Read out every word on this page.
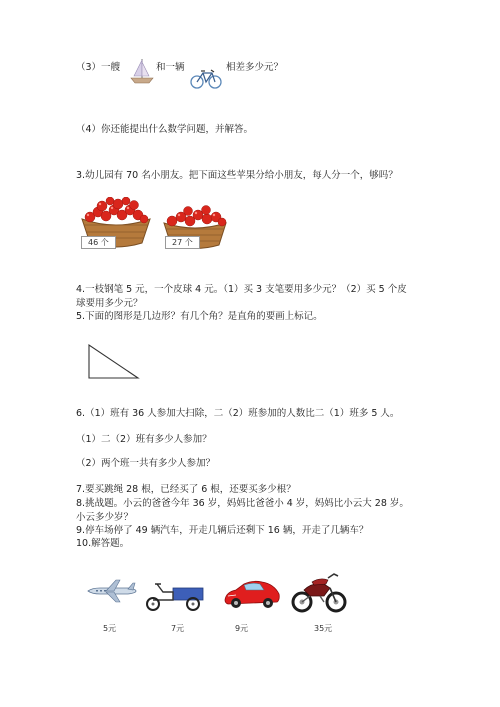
（3）一艘	和一辆	相差多少元？
（4）你还能提出什么数学问题，并解答。
3.幼儿园有 70 名小朋友。把下面这些苹果分给小朋友，每人分一个，够吗？
46 个	27 个
4.一枝钢笔 5 元，一个皮球 4 元。（1）买 3 支笔要用多少元？（2）买 5 个皮
球要用多少元？
5.下面的图形是几边形？有几个角？是直角的要画上标记。
6.（1）班有 36 人参加大扫除，二（2）班参加的人数比二（1）班多 5 人。
（1）二（2）班有多少人参加？
（2）两个班一共有多少人参加？
7.要买跳绳 28 根，已经买了 6 根，还要买多少根？
8.挑战题。小云的爸爸今年 36 岁，妈妈比爸爸小 4 岁，妈妈比小云大 28 岁。
小云多少岁？
9.停车场停了 49 辆汽车，开走几辆后还剩下 16 辆，开走了几辆车？
10.解答题。
5元	7元	9元	35元
